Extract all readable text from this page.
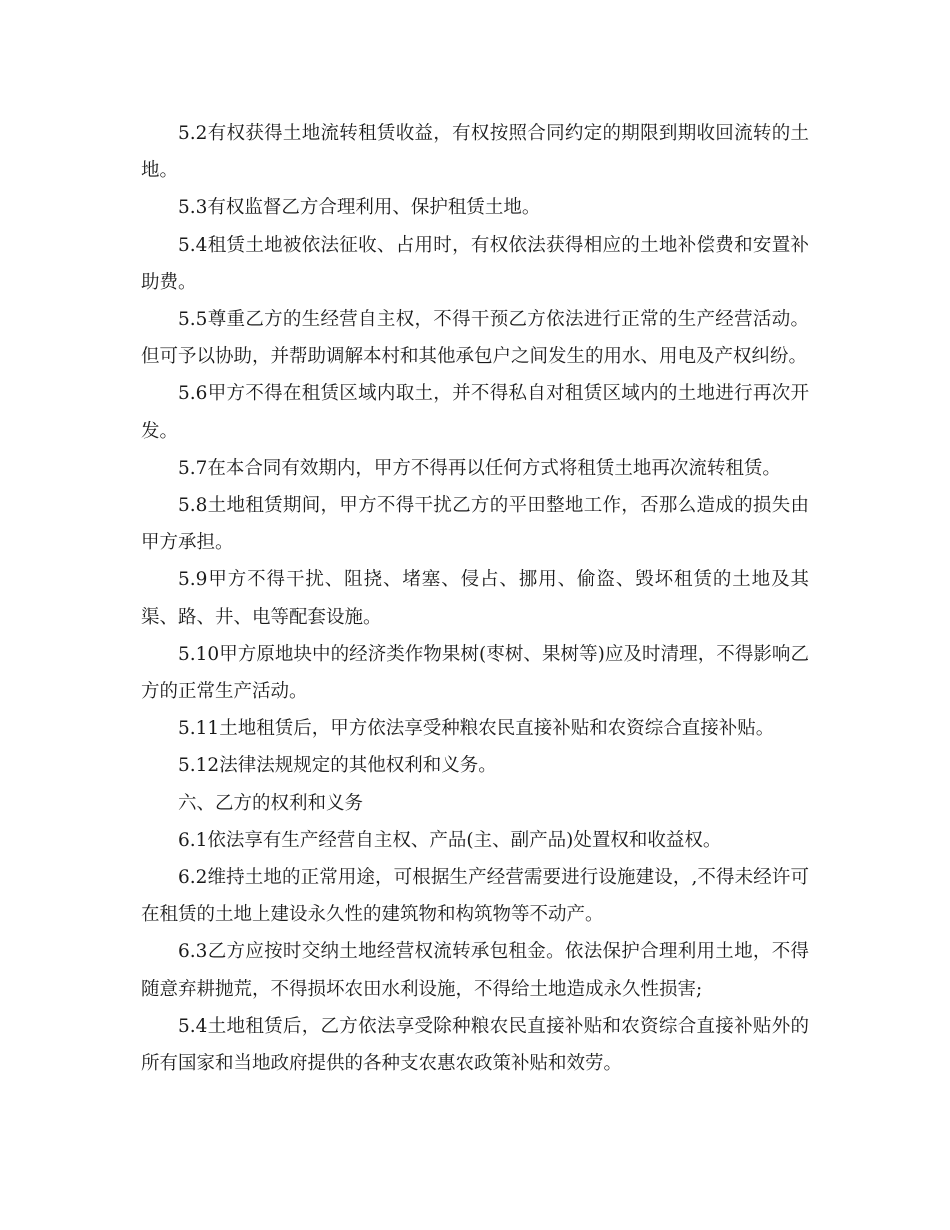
5.2有权获得土地流转租赁收益，有权按照合同约定的期限到期收回流转的土地。

5.3有权监督乙方合理利用、保护租赁土地。

5.4租赁土地被依法征收、占用时，有权依法获得相应的土地补偿费和安置补助费。

5.5尊重乙方的生经营自主权，不得干预乙方依法进行正常的生产经营活动。但可予以协助，并帮助调解本村和其他承包户之间发生的用水、用电及产权纠纷。

5.6甲方不得在租赁区域内取土，并不得私自对租赁区域内的土地进行再次开发。

5.7在本合同有效期内，甲方不得再以任何方式将租赁土地再次流转租赁。

5.8土地租赁期间，甲方不得干扰乙方的平田整地工作，否那么造成的损失由甲方承担。

5.9甲方不得干扰、阻挠、堵塞、侵占、挪用、偷盗、毁坏租赁的土地及其渠、路、井、电等配套设施。

5.10甲方原地块中的经济类作物果树(枣树、果树等)应及时清理，不得影响乙方的正常生产活动。

5.11土地租赁后，甲方依法享受种粮农民直接补贴和农资综合直接补贴。

5.12法律法规规定的其他权利和义务。

六、乙方的权利和义务

6.1依法享有生产经营自主权、产品(主、副产品)处置权和收益权。

6.2维持土地的正常用途，可根据生产经营需要进行设施建设，,不得未经许可在租赁的土地上建设永久性的建筑物和构筑物等不动产。

6.3乙方应按时交纳土地经营权流转承包租金。依法保护合理利用土地，不得随意弃耕抛荒，不得损坏农田水利设施，不得给土地造成永久性损害;

5.4土地租赁后，乙方依法享受除种粮农民直接补贴和农资综合直接补贴外的所有国家和当地政府提供的各种支农惠农政策补贴和效劳。
